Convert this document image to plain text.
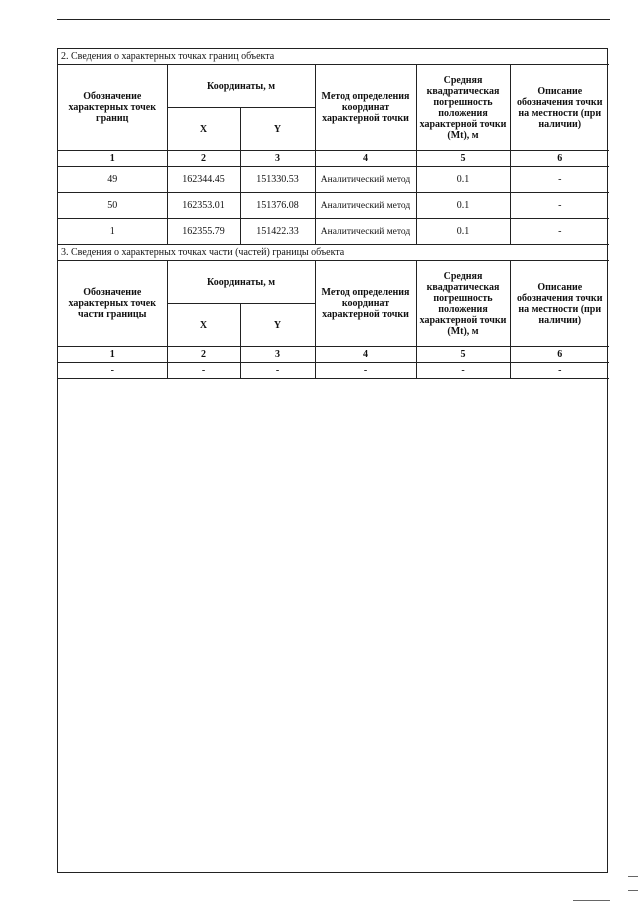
2. Сведения о характерных точках границ объекта					
Обозначение характерных точек границ	Координаты, м		Метод определения координат характерной точки	Средняя квадратическая погрешность положения характерной точки (Mt), м	Описание обозначения точки на местности (при наличии)
	X	Y			
1	2	3	4	5	6
49	162344.45	151330.53	Аналитический метод	0.1	-
50	162353.01	151376.08	Аналитический метод	0.1	-
1	162355.79	151422.33	Аналитический метод	0.1	-
3. Сведения о характерных точках части (частей) границы объекта					
Обозначение характерных точек части границы	Координаты, м		Метод определения координат характерной точки	Средняя квадратическая погрешность положения характерной точки (Mt), м	Описание обозначения точки на местности (при наличии)
	X	Y			
1	2	3	4	5	6
-	-	-	-	-	-
